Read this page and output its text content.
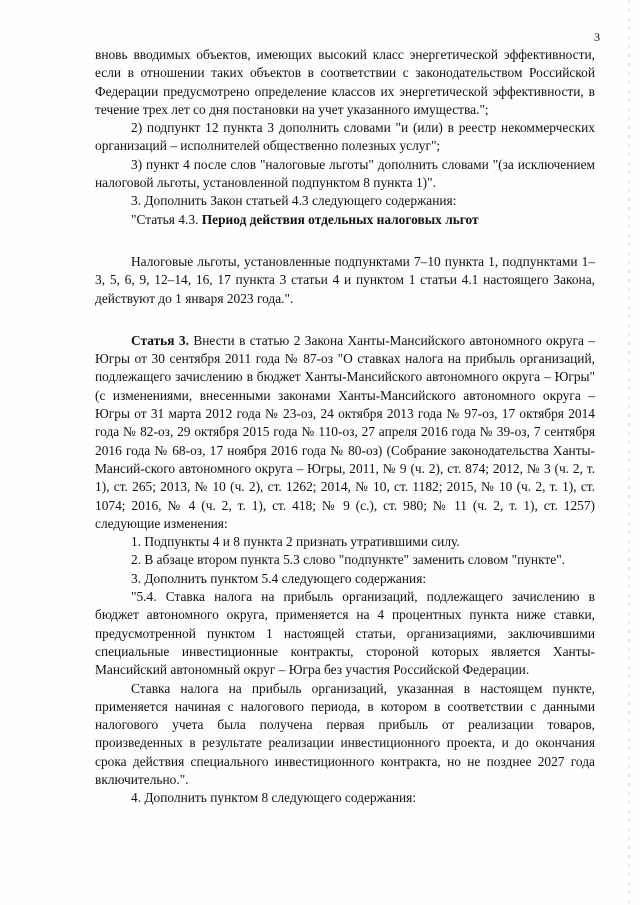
3

вновь вводимых объектов, имеющих высокий класс энергетической эффективности, если в отношении таких объектов в соответствии с законодательством Российской Федерации предусмотрено определение классов их энергетической эффективности, в течение трех лет со дня постановки на учет указанного имущества.";

2) подпункт 12 пункта 3 дополнить словами "и (или) в реестр некоммерческих организаций – исполнителей общественно полезных услуг";

3) пункт 4 после слов "налоговые льготы" дополнить словами "(за исключением налоговой льготы, установленной подпунктом 8 пункта 1)".

3. Дополнить Закон статьей 4.3 следующего содержания:

"Статья 4.3. Период действия отдельных налоговых льгот

Налоговые льготы, установленные подпунктами 7–10 пункта 1, подпунктами 1–3, 5, 6, 9, 12–14, 16, 17 пункта 3 статьи 4 и пунктом 1 статьи 4.1 настоящего Закона, действуют до 1 января 2023 года.".

Статья 3. Внести в статью 2 Закона Ханты-Мансийского автономного округа – Югры от 30 сентября 2011 года № 87-оз "О ставках налога на прибыль организаций, подлежащего зачислению в бюджет Ханты-Мансийского автономного округа – Югры" (с изменениями, внесенными законами Ханты-Мансийского автономного округа – Югры от 31 марта 2012 года № 23-оз, 24 октября 2013 года № 97-оз, 17 октября 2014 года № 82-оз, 29 октября 2015 года № 110-оз, 27 апреля 2016 года № 39-оз, 7 сентября 2016 года № 68-оз, 17 ноября 2016 года № 80-оз) (Собрание законодательства Ханты-Мансий-ского автономного округа – Югры, 2011, № 9 (ч. 2), ст. 874; 2012, № 3 (ч. 2, т. 1), ст. 265; 2013, № 10 (ч. 2), ст. 1262; 2014, № 10, ст. 1182; 2015, № 10 (ч. 2, т. 1), ст. 1074; 2016, № 4 (ч. 2, т. 1), ст. 418; № 9 (с.), ст. 980; № 11 (ч. 2, т. 1), ст. 1257) следующие изменения:

1. Подпункты 4 и 8 пункта 2 признать утратившими силу.

2. В абзаце втором пункта 5.3 слово "подпункте" заменить словом "пункте".

3. Дополнить пунктом 5.4 следующего содержания:

"5.4. Ставка налога на прибыль организаций, подлежащего зачислению в бюджет автономного округа, применяется на 4 процентных пункта ниже ставки, предусмотренной пунктом 1 настоящей статьи, организациями, заключившими специальные инвестиционные контракты, стороной которых является Ханты-Мансийский автономный округ – Югра без участия Российской Федерации.

Ставка налога на прибыль организаций, указанная в настоящем пункте, применяется начиная с налогового периода, в котором в соответствии с данными налогового учета была получена первая прибыль от реализации товаров, произведенных в результате реализации инвестиционного проекта, и до окончания срока действия специального инвестиционного контракта, но не позднее 2027 года включительно.".

4. Дополнить пунктом 8 следующего содержания:
